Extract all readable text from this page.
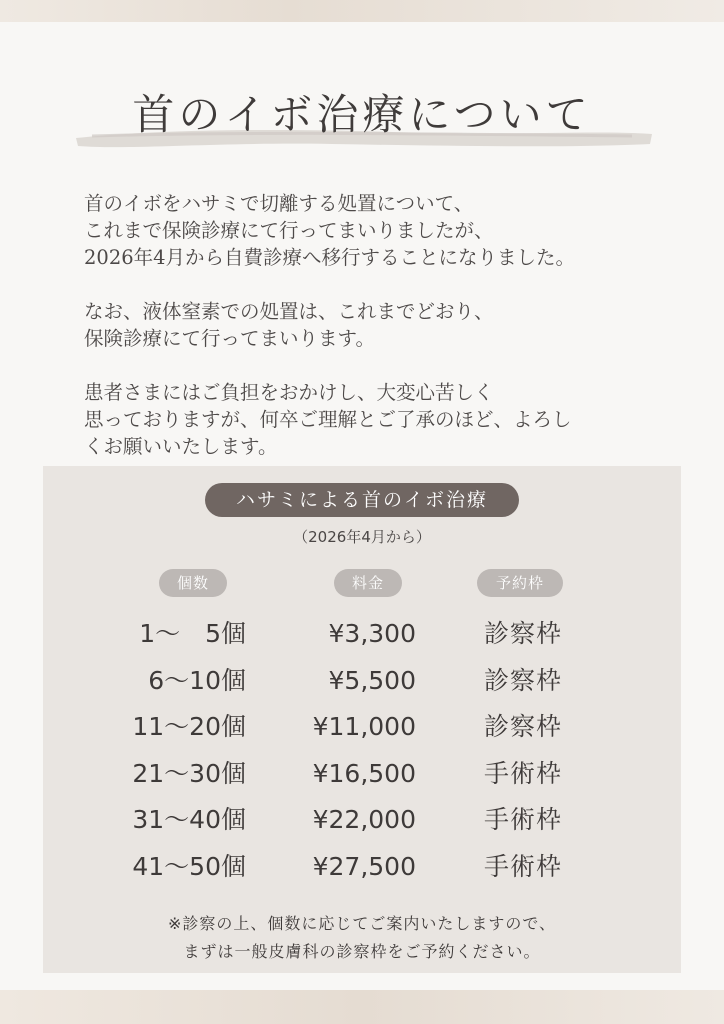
首のイボ治療について

首のイボをハサミで切離する処置について、
これまで保険診療にて行ってまいりましたが、
2026年4月から自費診療へ移行することになりました。

なお、液体窒素での処置は、これまでどおり、
保険診療にて行ってまいります。

患者さまにはご負担をおかけし、大変心苦しく
思っておりますが、何卒ご理解とご了承のほど、よろし
くお願いいたします。

ハサミによる首のイボ治療
（2026年4月から）
個数	料金	予約枠
1〜　5個	¥3,300	診察枠
6〜10個	¥5,500	診察枠
11〜20個	¥11,000	診察枠
21〜30個	¥16,500	手術枠
31〜40個	¥22,000	手術枠
41〜50個	¥27,500	手術枠
※診察の上、個数に応じてご案内いたしますので、
まずは一般皮膚科の診察枠をご予約ください。
